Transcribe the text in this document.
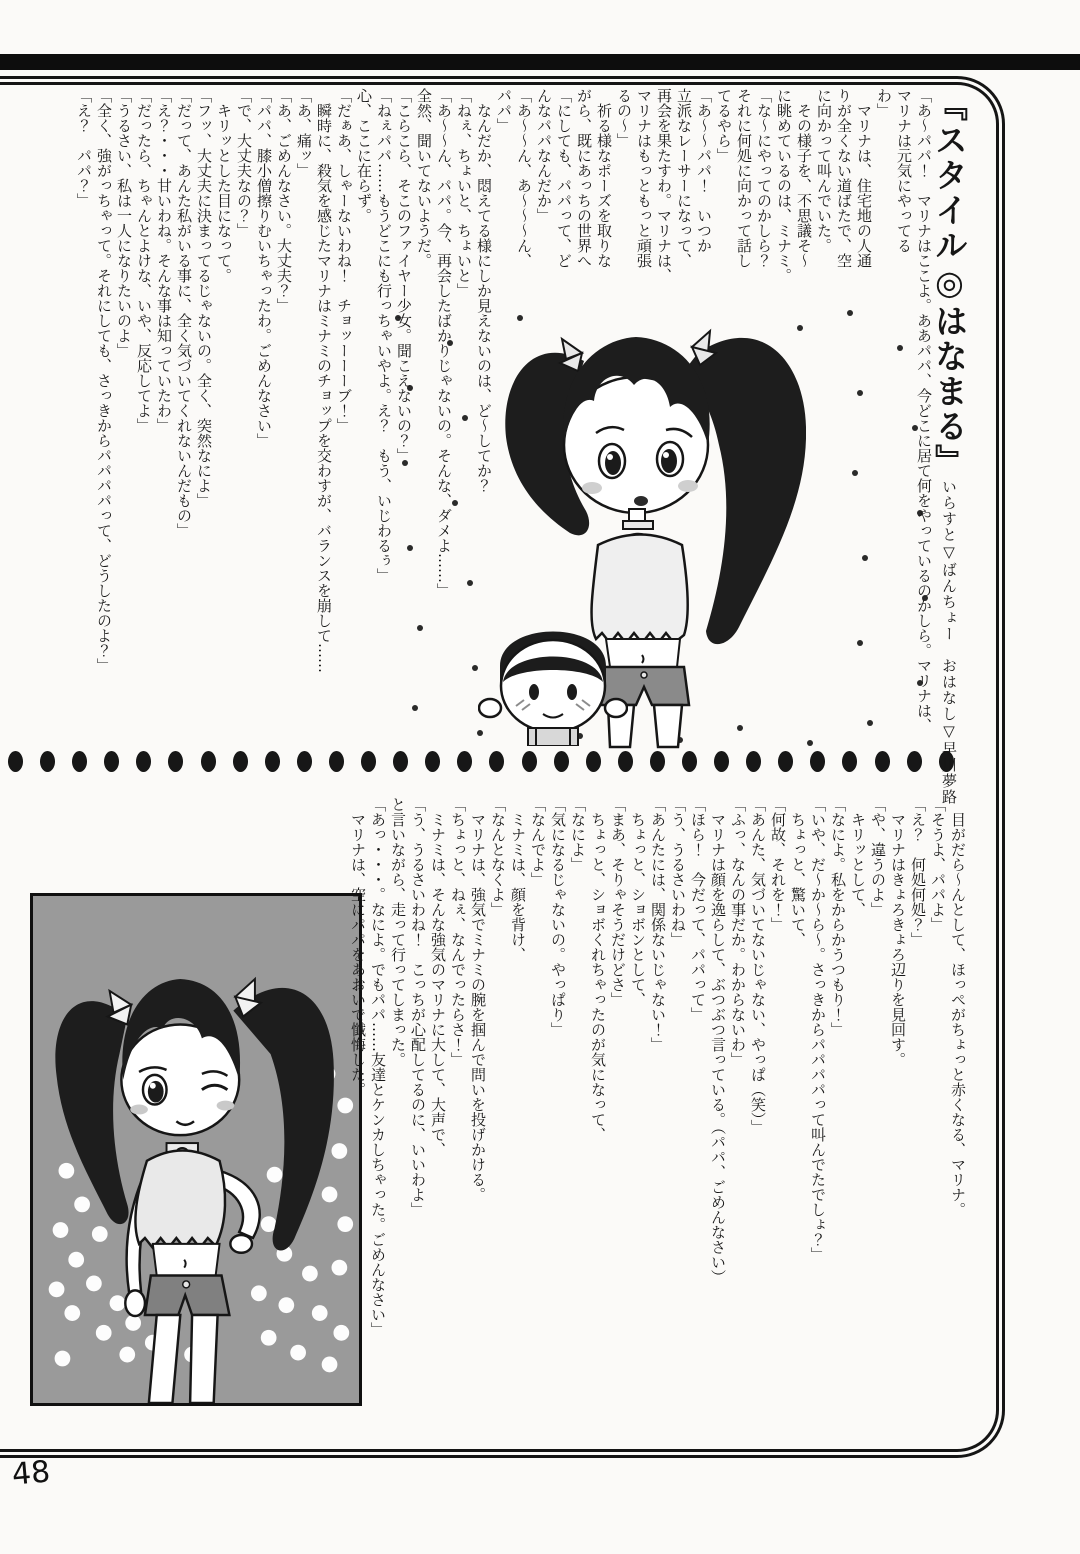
『スタイル◎はなまる』いらすと▽ばんちょー　おはなし▽早川夢路

「あ〜パパ！　マリナはここよ。ああパパ、今どこに居て何をやっているのかしら。マリナは、

マリナは元気にやってる

わ」

　マリナは、住宅地の人通

りが全くない道ばたで、空

に向かって叫んでいた。

　その様子を、不思議そ〜

に眺めているのは、ミナミ。

「な〜にやってのかしら？

それに何処に向かって話し

てるやら」

「あ〜〜パパ！　いつか

立派なレーサーになって、

再会を果たすわ。マリナは、

マリナはもっともっと頑張

るの〜」

　祈る様なポーズを取りな

がら、既にあっちの世界へ

「にしても、パパって、ど

んなパパなんだか」

「あ〜〜ん、あ〜〜〜ん、

パパ」

　なんだか、悶えてる様にしか見えないのは、ど〜してか？

「ねぇ、ちょいと、ちょいと」

「あ〜〜ん、パパ。今、再会したばかりじゃないの。そんな、ダメよ……」

全然、聞いてないようだ。

「こらこら、そこのファイヤー少女。聞こえないの？」

「ねぇパパ……もうどこにも行っちゃいやよ。え？　もう、いじわるぅ」

心、ここに在らず。

「だぁあ、しゃーないわね！　チョッーーーブ！」

　瞬時に、殺気を感じたマリナはミナミのチョップを交わすが、バランスを崩して……

「あ、痛ッ」

「あ、ごめんなさい。大丈夫？」

「パパ、膝小僧擦りむいちゃったわ。ごめんなさい」

「で、大丈夫なの？」

　キリッとした目になって。

「フッ、大丈夫に決まってるじゃないの。全く、突然なによ」

「だって、あんた私がいる事に、全く気づいてくれないんだもの」

「え？・・・甘いわね。そんな事は知っていたわ」

「だったら、ちゃんとよけな、いや、反応してよ」

「うるさい、私は一人になりたいのよ」

「全く、強がっちゃって。それにしても、さっきからパパパパって、どうしたのよ？」

「え？　パパ？」

　目がだら〜んとして、ほっぺがちょっと赤くなる、マリナ。

「そうよ、パパよ」

「え？　何処何処？」

　マリナはきょろきょろ辺りを見回す。

「や、違うのよ」

　キリッとして、

「なによ。私をからかうつもり！」

「いや、だ〜か〜ら〜。さっきからパパパパって叫んでたでしょ？」

　ちょっと、驚いて、

「何故、それを！」

「あんた、気づいてないじゃない、やっぱ（笑）」

「ふっ、なんの事だか。わからないわ」

　マリナは顔を逸らして、ぶつぶつ言っている。（パパ、ごめんなさい）

「ほら！　今だって、パパって」

「う、うるさいわね」

「あんたには、関係ないじゃない！」

　ちょっと、ショボンとして、

「まあ、そりゃそうだけどさ」

　ちょっと、ショボくれちゃったのが気になって、

「なによ」

「気になるじゃないの。やっぱり」

「なんでよ」

　ミナミは、顔を背け、

「なんとなくよ」

　マリナは、強気でミナミの腕を掴んで問いを投げかける。

「ちょっと、ねぇ、なんでったらさ！」

　ミナミは、そんな強気のマリナに大して、大声で、

「う、うるさいわね！　こっちが心配してるのに、いいわよ」

と言いながら、走って行ってしまった。

「あっ・・・。なによ。でもパパ……友達とケンカしちゃった。ごめんなさい」

　マリナは、空にパパをあおいで懺悔した。

48
